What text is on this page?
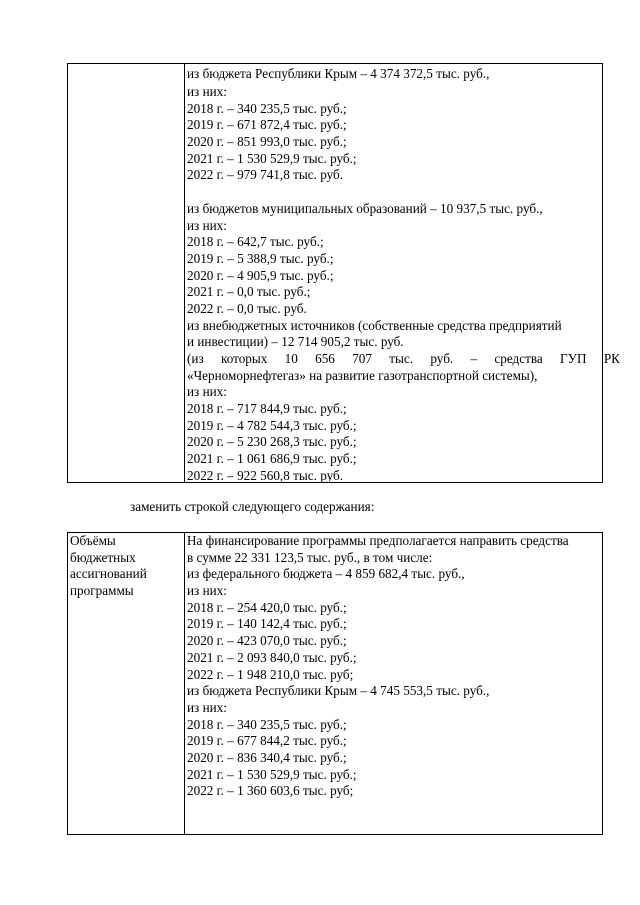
из бюджета Республики Крым – 4 374 372,5 тыс. руб.,
из них:
2018 г. – 340 235,5 тыс. руб.;
2019 г. – 671 872,4 тыс. руб.;
2020 г. – 851 993,0 тыс. руб.;
2021 г. – 1 530 529,9 тыс. руб.;
2022 г. – 979 741,8 тыс. руб.
из бюджетов муниципальных образований – 10 937,5 тыс. руб.,
из них:
2018 г. – 642,7 тыс. руб.;
2019 г. – 5 388,9 тыс. руб.;
2020 г. – 4 905,9 тыс. руб.;
2021 г. – 0,0 тыс. руб.;
2022 г. – 0,0 тыс. руб.
из внебюджетных источников (собственные средства предприятий
и инвестиции) – 12 714 905,2 тыс. руб.
(из которых 10 656 707 тыс. руб. – средства ГУП РК
«Черноморнефтегаз» на развитие газотранспортной системы),
из них:
2018 г. – 717 844,9 тыс. руб.;
2019 г. – 4 782 544,3 тыс. руб.;
2020 г. – 5 230 268,3 тыс. руб.;
2021 г. – 1 061 686,9 тыс. руб.;
2022 г. – 922 560,8 тыс. руб.
заменить строкой следующего содержания:
Объёмы
бюджетных
ассигнований
программы
На финансирование программы предполагается направить средства
в сумме 22 331 123,5 тыс. руб., в том числе:
из федерального бюджета – 4 859 682,4 тыс. руб.,
из них:
2018 г. – 254 420,0 тыс. руб.;
2019 г. – 140 142,4 тыс. руб.;
2020 г. – 423 070,0 тыс. руб.;
2021 г. – 2 093 840,0 тыс. руб.;
2022 г. – 1 948 210,0 тыс. руб;
из бюджета Республики Крым – 4 745 553,5 тыс. руб.,
из них:
2018 г. – 340 235,5 тыс. руб.;
2019 г. – 677 844,2 тыс. руб.;
2020 г. – 836 340,4 тыс. руб.;
2021 г. – 1 530 529,9 тыс. руб.;
2022 г. – 1 360 603,6 тыс. руб;
